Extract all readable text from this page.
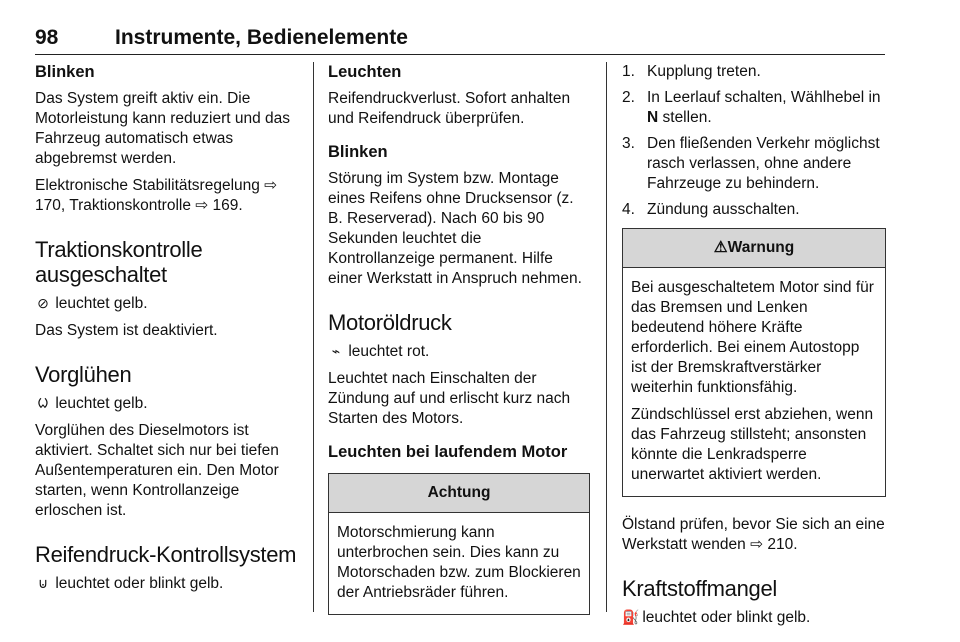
98	Instrumente, Bedienelemente
Blinken

Das System greift aktiv ein. Die Motorleistung kann reduziert und das Fahrzeug automatisch etwas abgebremst werden.

Elektronische Stabilitätsregelung ⇨ 170, Traktionskontrolle ⇨ 169.

Traktionskontrolle ausgeschaltet

⊘ leuchtet gelb.

Das System ist deaktiviert.

Vorglühen

ᱦ leuchtet gelb.

Vorglühen des Dieselmotors ist aktiviert. Schaltet sich nur bei tiefen Außentemperaturen ein. Den Motor starten, wenn Kontrollanzeige erloschen ist.

Reifendruck-Kontrollsystem

⊍ leuchtet oder blinkt gelb.

Leuchten

Reifendruckverlust. Sofort anhalten und Reifendruck überprüfen.

Blinken

Störung im System bzw. Montage eines Reifens ohne Drucksensor (z. B. Reserverad). Nach 60 bis 90 Sekunden leuchtet die Kontrollanzeige permanent. Hilfe einer Werkstatt in Anspruch nehmen.

Motoröldruck

⌁ leuchtet rot.

Leuchtet nach Einschalten der Zündung auf und erlischt kurz nach Starten des Motors.

Leuchten bei laufendem Motor
Achtung

Motorschmierung kann unterbrochen sein. Dies kann zu Motorschaden bzw. zum Blockieren der Antriebsräder führen.

1. Kupplung treten.
2. In Leerlauf schalten, Wählhebel in N stellen.
3. Den fließenden Verkehr möglichst rasch verlassen, ohne andere Fahrzeuge zu behindern.
4. Zündung ausschalten.
⚠Warnung

Bei ausgeschaltetem Motor sind für das Bremsen und Lenken bedeutend höhere Kräfte erforderlich. Bei einem Autostopp ist der Bremskraftverstärker weiterhin funktionsfähig.

Zündschlüssel erst abziehen, wenn das Fahrzeug stillsteht; ansonsten könnte die Lenkradsperre unerwartet aktiviert werden.

Ölstand prüfen, bevor Sie sich an eine Werkstatt wenden ⇨ 210.

Kraftstoffmangel

⛽ leuchtet oder blinkt gelb.
